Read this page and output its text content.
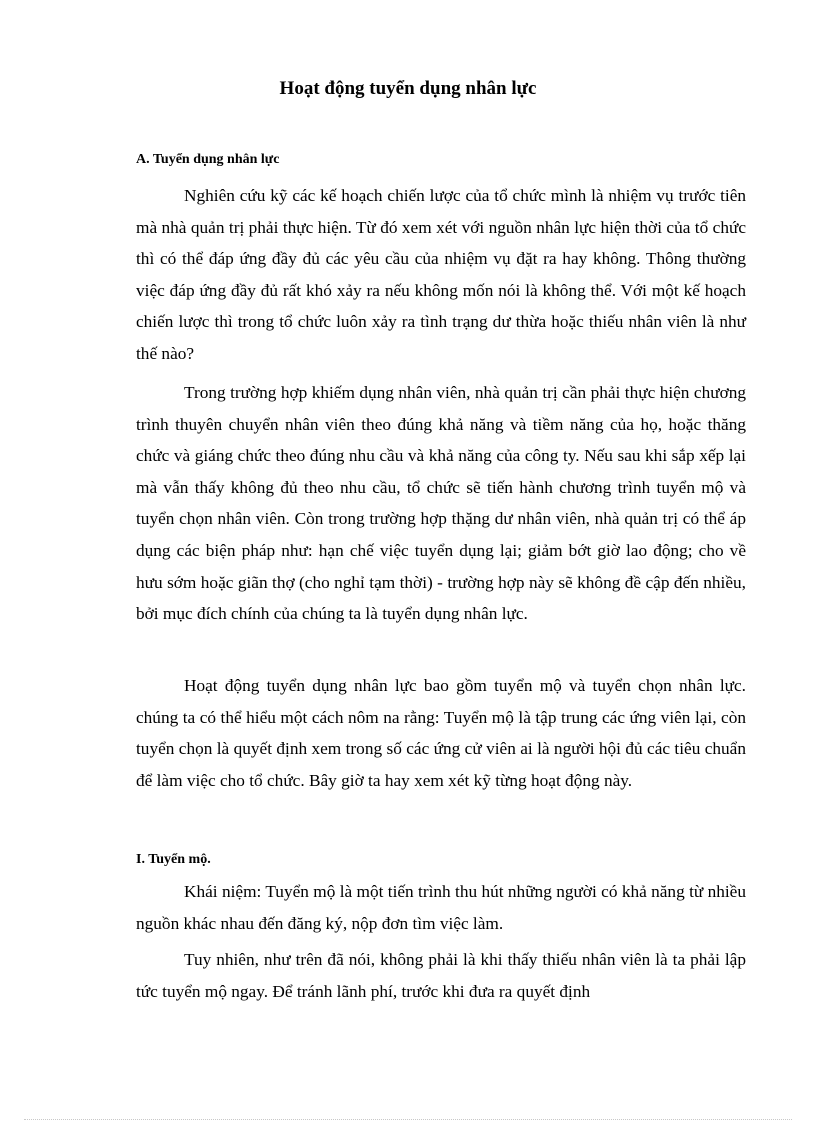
Hoạt động tuyển dụng nhân lực
A. Tuyển dụng nhân lực

Nghiên cứu kỹ các kế hoạch chiến lược của tổ chức mình là nhiệm vụ trước tiên mà nhà quản trị phải thực hiện. Từ đó xem xét với nguồn nhân lực hiện thời của tổ chức thì có thể đáp ứng đầy đủ các yêu cầu của nhiệm vụ đặt ra hay không. Thông thường việc đáp ứng đầy đủ rất khó xảy ra nếu không mốn nói là không thể. Với một kế hoạch chiến lược thì trong tổ chức luôn xảy ra tình trạng dư thừa hoặc thiếu nhân viên là như thế nào?

Trong trường hợp khiếm dụng nhân viên, nhà quản trị cần phải thực hiện chương trình thuyên chuyển nhân viên theo đúng khả năng và tiềm năng của họ, hoặc thăng chức và giáng chức theo đúng nhu cầu và khả năng của công ty. Nếu sau khi sắp xếp lại mà vẫn thấy không đủ theo nhu cầu, tổ chức sẽ tiến hành chương trình tuyển mộ và tuyển chọn nhân viên. Còn trong trường hợp thặng dư nhân viên, nhà quản trị có thể áp dụng các biện pháp như: hạn chế việc tuyển dụng lại; giảm bớt giờ lao động; cho về hưu sớm hoặc giãn thợ (cho nghỉ tạm thời) - trường hợp này sẽ không đề cập đến nhiều, bởi mục đích chính của chúng ta là tuyển dụng nhân lực.

Hoạt động tuyển dụng nhân lực bao gồm tuyển mộ và tuyển chọn nhân lực. chúng ta có thể hiểu một cách nôm na rằng: Tuyển mộ là tập trung các ứng viên lại, còn tuyển chọn là quyết định xem trong số các ứng cử viên ai là người hội đủ các tiêu chuẩn để làm việc cho tổ chức. Bây giờ ta hay xem xét kỹ từng hoạt động này.

I. Tuyển mộ.

Khái niệm: Tuyển mộ là một tiến trình thu hút những người có khả năng từ nhiều nguồn khác nhau đến đăng ký, nộp đơn tìm việc làm.

Tuy nhiên, như trên đã nói, không phải là khi thấy thiếu nhân viên là ta phải lập tức tuyển mộ ngay. Để tránh lãnh phí, trước khi đưa ra quyết định
